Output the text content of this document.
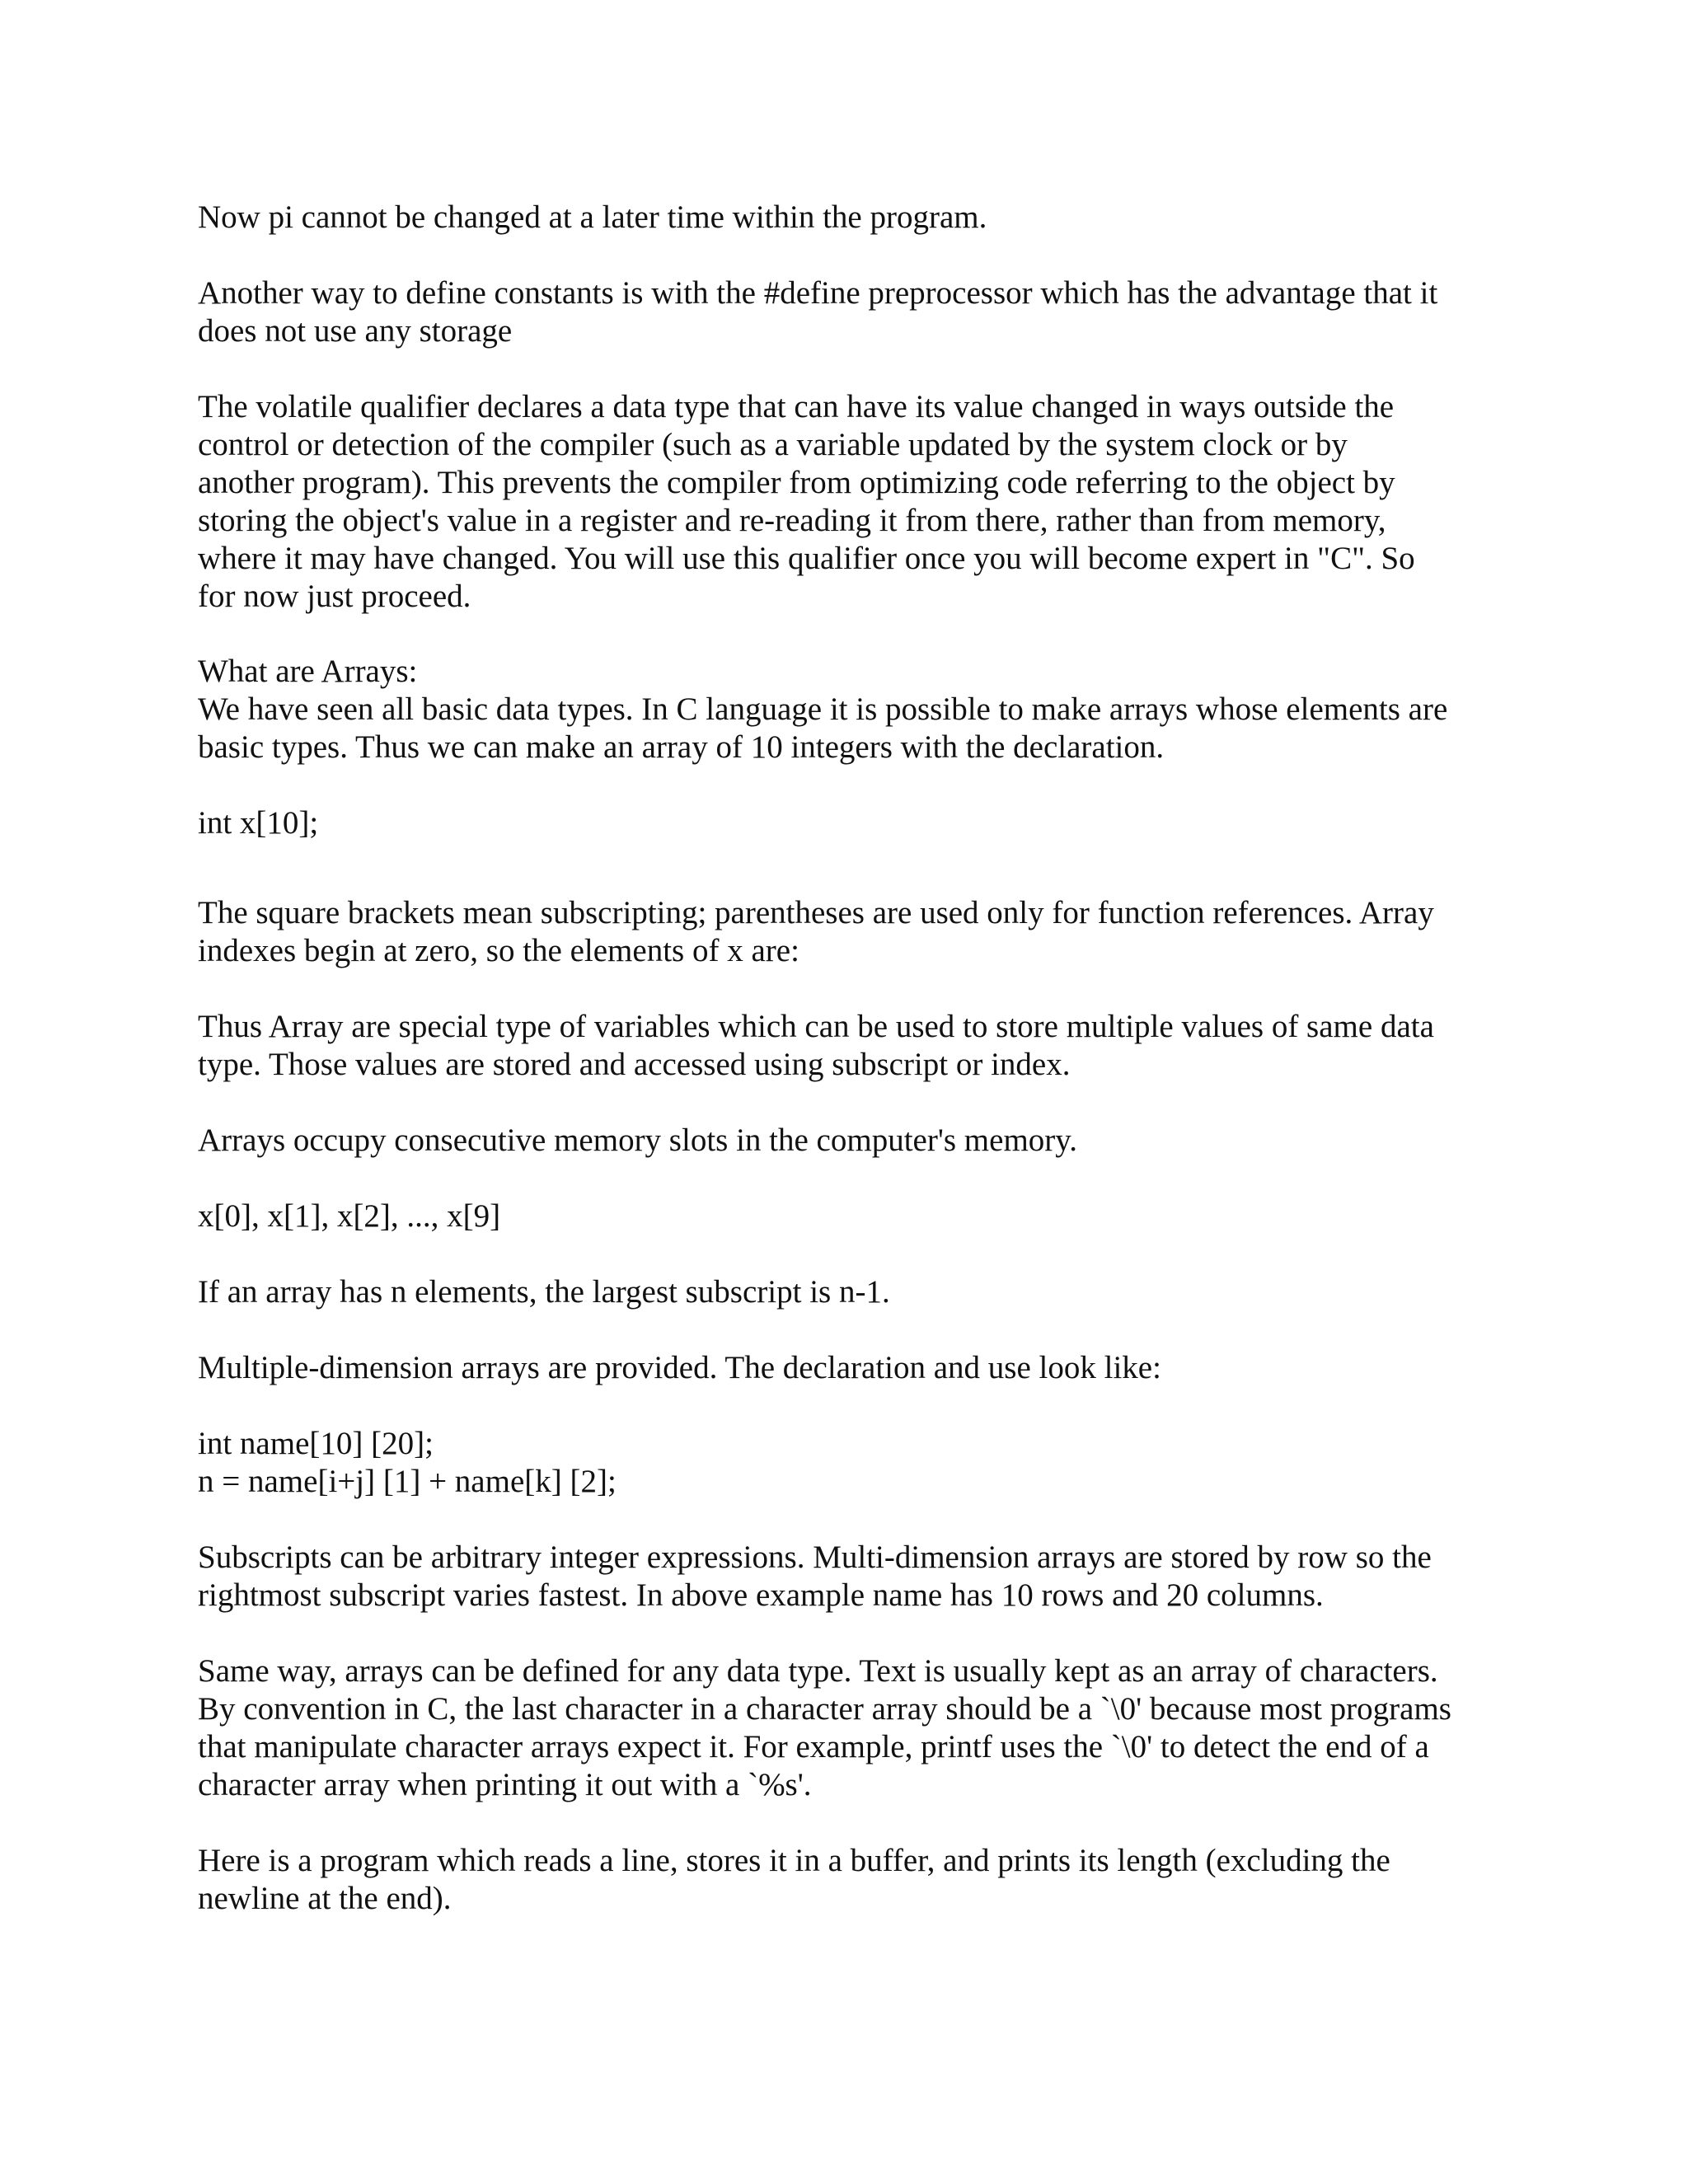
Now pi cannot be changed at a later time within the program.

Another way to define constants is with the #define preprocessor which has the advantage that it
does not use any storage

The volatile qualifier declares a data type that can have its value changed in ways outside the
control or detection of the compiler (such as a variable updated by the system clock or by
another program). This prevents the compiler from optimizing code referring to the object by
storing the object's value in a register and re-reading it from there, rather than from memory,
where it may have changed. You will use this qualifier once you will become expert in "C". So
for now just proceed.

What are Arrays:
We have seen all basic data types. In C language it is possible to make arrays whose elements are
basic types. Thus we can make an array of 10 integers with the declaration.

int x[10];

The square brackets mean subscripting; parentheses are used only for function references. Array
indexes begin at zero, so the elements of x are:

Thus Array are special type of variables which can be used to store multiple values of same data
type. Those values are stored and accessed using subscript or index.

Arrays occupy consecutive memory slots in the computer's memory.

x[0], x[1], x[2], ..., x[9]

If an array has n elements, the largest subscript is n-1.

Multiple-dimension arrays are provided. The declaration and use look like:

int name[10] [20];
n = name[i+j] [1] + name[k] [2];

Subscripts can be arbitrary integer expressions. Multi-dimension arrays are stored by row so the
rightmost subscript varies fastest. In above example name has 10 rows and 20 columns.

Same way, arrays can be defined for any data type. Text is usually kept as an array of characters.
By convention in C, the last character in a character array should be a `\0' because most programs
that manipulate character arrays expect it. For example, printf uses the `\0' to detect the end of a
character array when printing it out with a `%s'.

Here is a program which reads a line, stores it in a buffer, and prints its length (excluding the
newline at the end).
